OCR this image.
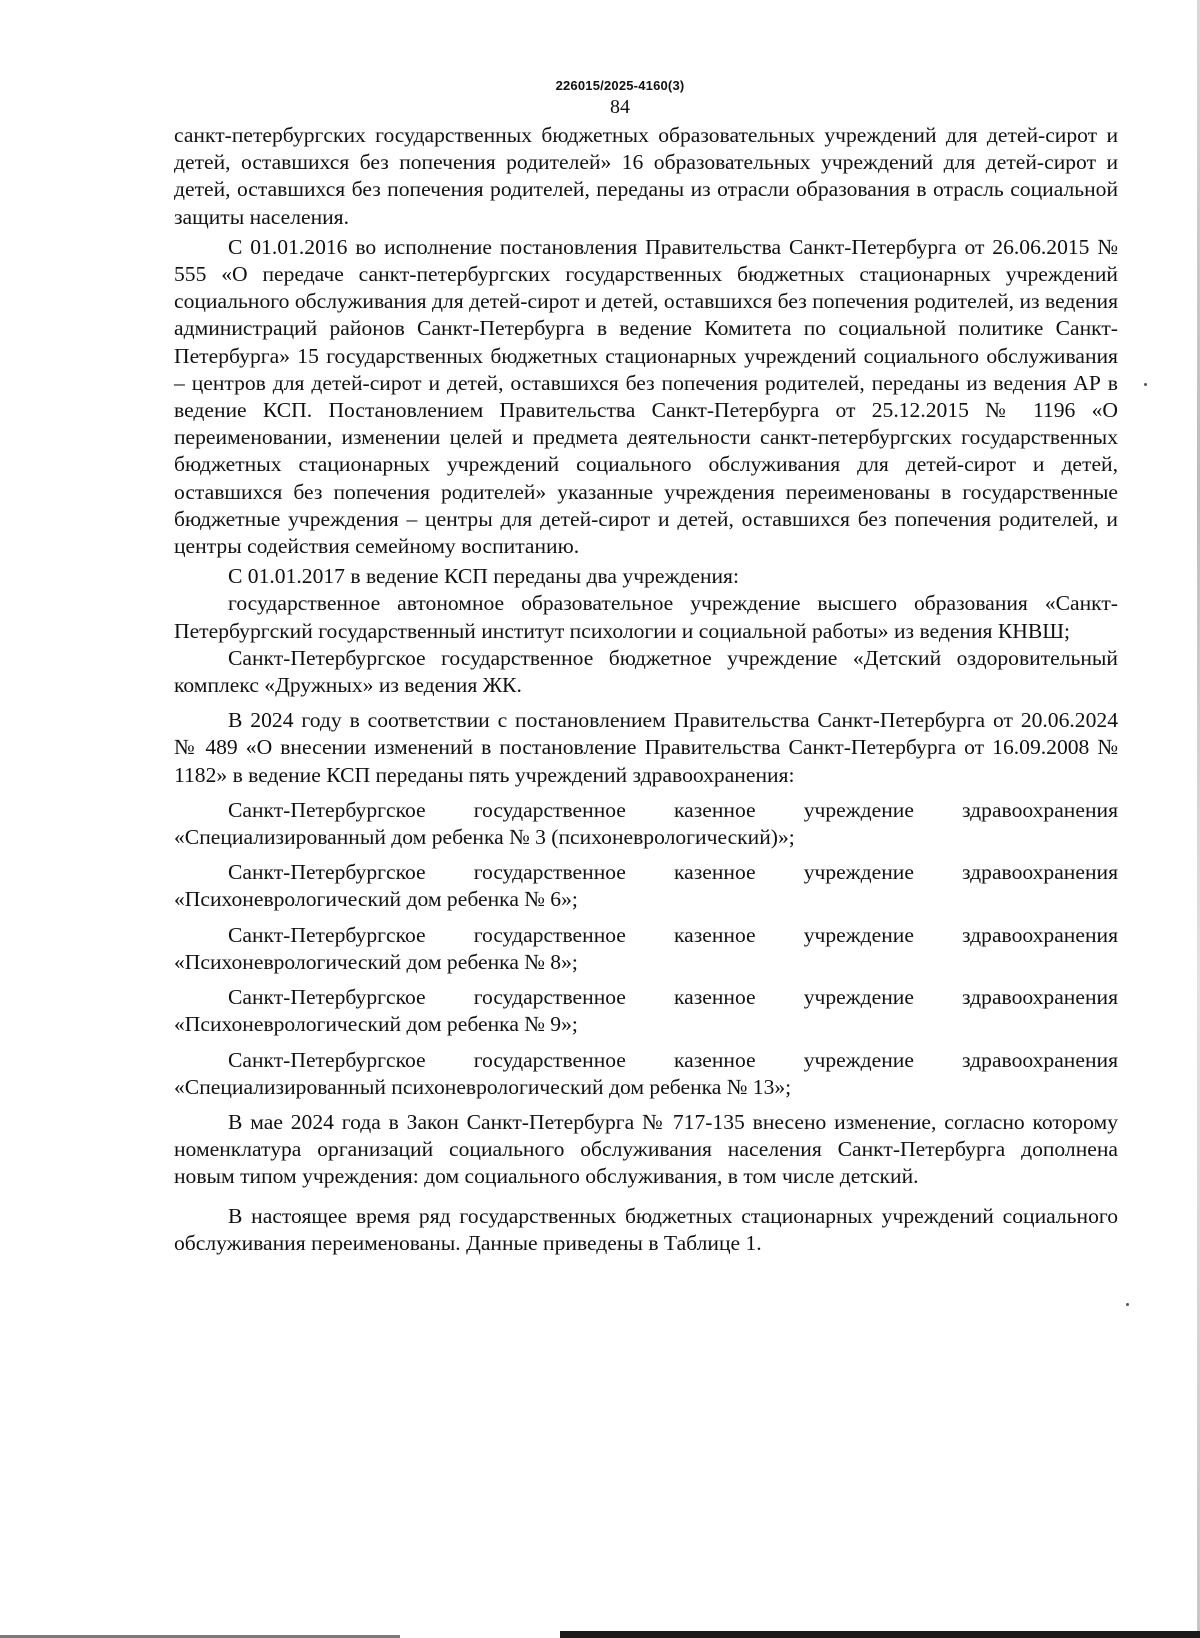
226015/2025-4160(3)
84

санкт-петербургских государственных бюджетных образовательных учреждений для детей-сирот и детей, оставшихся без попечения родителей» 16 образовательных учреждений для детей-сирот и детей, оставшихся без попечения родителей, переданы из отрасли образования в отрасль социальной защиты населения.

С 01.01.2016 во исполнение постановления Правительства Санкт-Петербурга от 26.06.2015 № 555 «О передаче санкт-петербургских государственных бюджетных стационарных учреждений социального обслуживания для детей-сирот и детей, оставшихся без попечения родителей, из ведения администраций районов Санкт-Петербурга в ведение Комитета по социальной политике Санкт-Петербурга» 15 государственных бюджетных стационарных учреждений социального обслуживания – центров для детей-сирот и детей, оставшихся без попечения родителей, переданы из ведения АР в ведение КСП. Постановлением Правительства Санкт-Петербурга от 25.12.2015 № 1196 «О переименовании, изменении целей и предмета деятельности санкт-петербургских государственных бюджетных стационарных учреждений социального обслуживания для детей-сирот и детей, оставшихся без попечения родителей» указанные учреждения переименованы в государственные бюджетные учреждения – центры для детей-сирот и детей, оставшихся без попечения родителей, и центры содействия семейному воспитанию.

С 01.01.2017 в ведение КСП переданы два учреждения:

государственное автономное образовательное учреждение высшего образования «Санкт-Петербургский государственный институт психологии и социальной работы» из ведения КНВШ;

Санкт-Петербургское государственное бюджетное учреждение «Детский оздоровительный комплекс «Дружных» из ведения ЖК.

В 2024 году в соответствии с постановлением Правительства Санкт-Петербурга от 20.06.2024 № 489 «О внесении изменений в постановление Правительства Санкт-Петербурга от 16.09.2008 № 1182» в ведение КСП переданы пять учреждений здравоохранения:

Санкт-Петербургское государственное казенное учреждение здравоохранения «Специализированный дом ребенка № 3 (психоневрологический)»;

Санкт-Петербургское государственное казенное учреждение здравоохранения «Психоневрологический дом ребенка № 6»;

Санкт-Петербургское государственное казенное учреждение здравоохранения «Психоневрологический дом ребенка № 8»;

Санкт-Петербургское государственное казенное учреждение здравоохранения «Психоневрологический дом ребенка № 9»;

Санкт-Петербургское государственное казенное учреждение здравоохранения «Специализированный психоневрологический дом ребенка № 13»;

В мае 2024 года в Закон Санкт-Петербурга № 717-135 внесено изменение, согласно которому номенклатура организаций социального обслуживания населения Санкт-Петербурга дополнена новым типом учреждения: дом социального обслуживания, в том числе детский.

В настоящее время ряд государственных бюджетных стационарных учреждений социального обслуживания переименованы. Данные приведены в Таблице 1.
